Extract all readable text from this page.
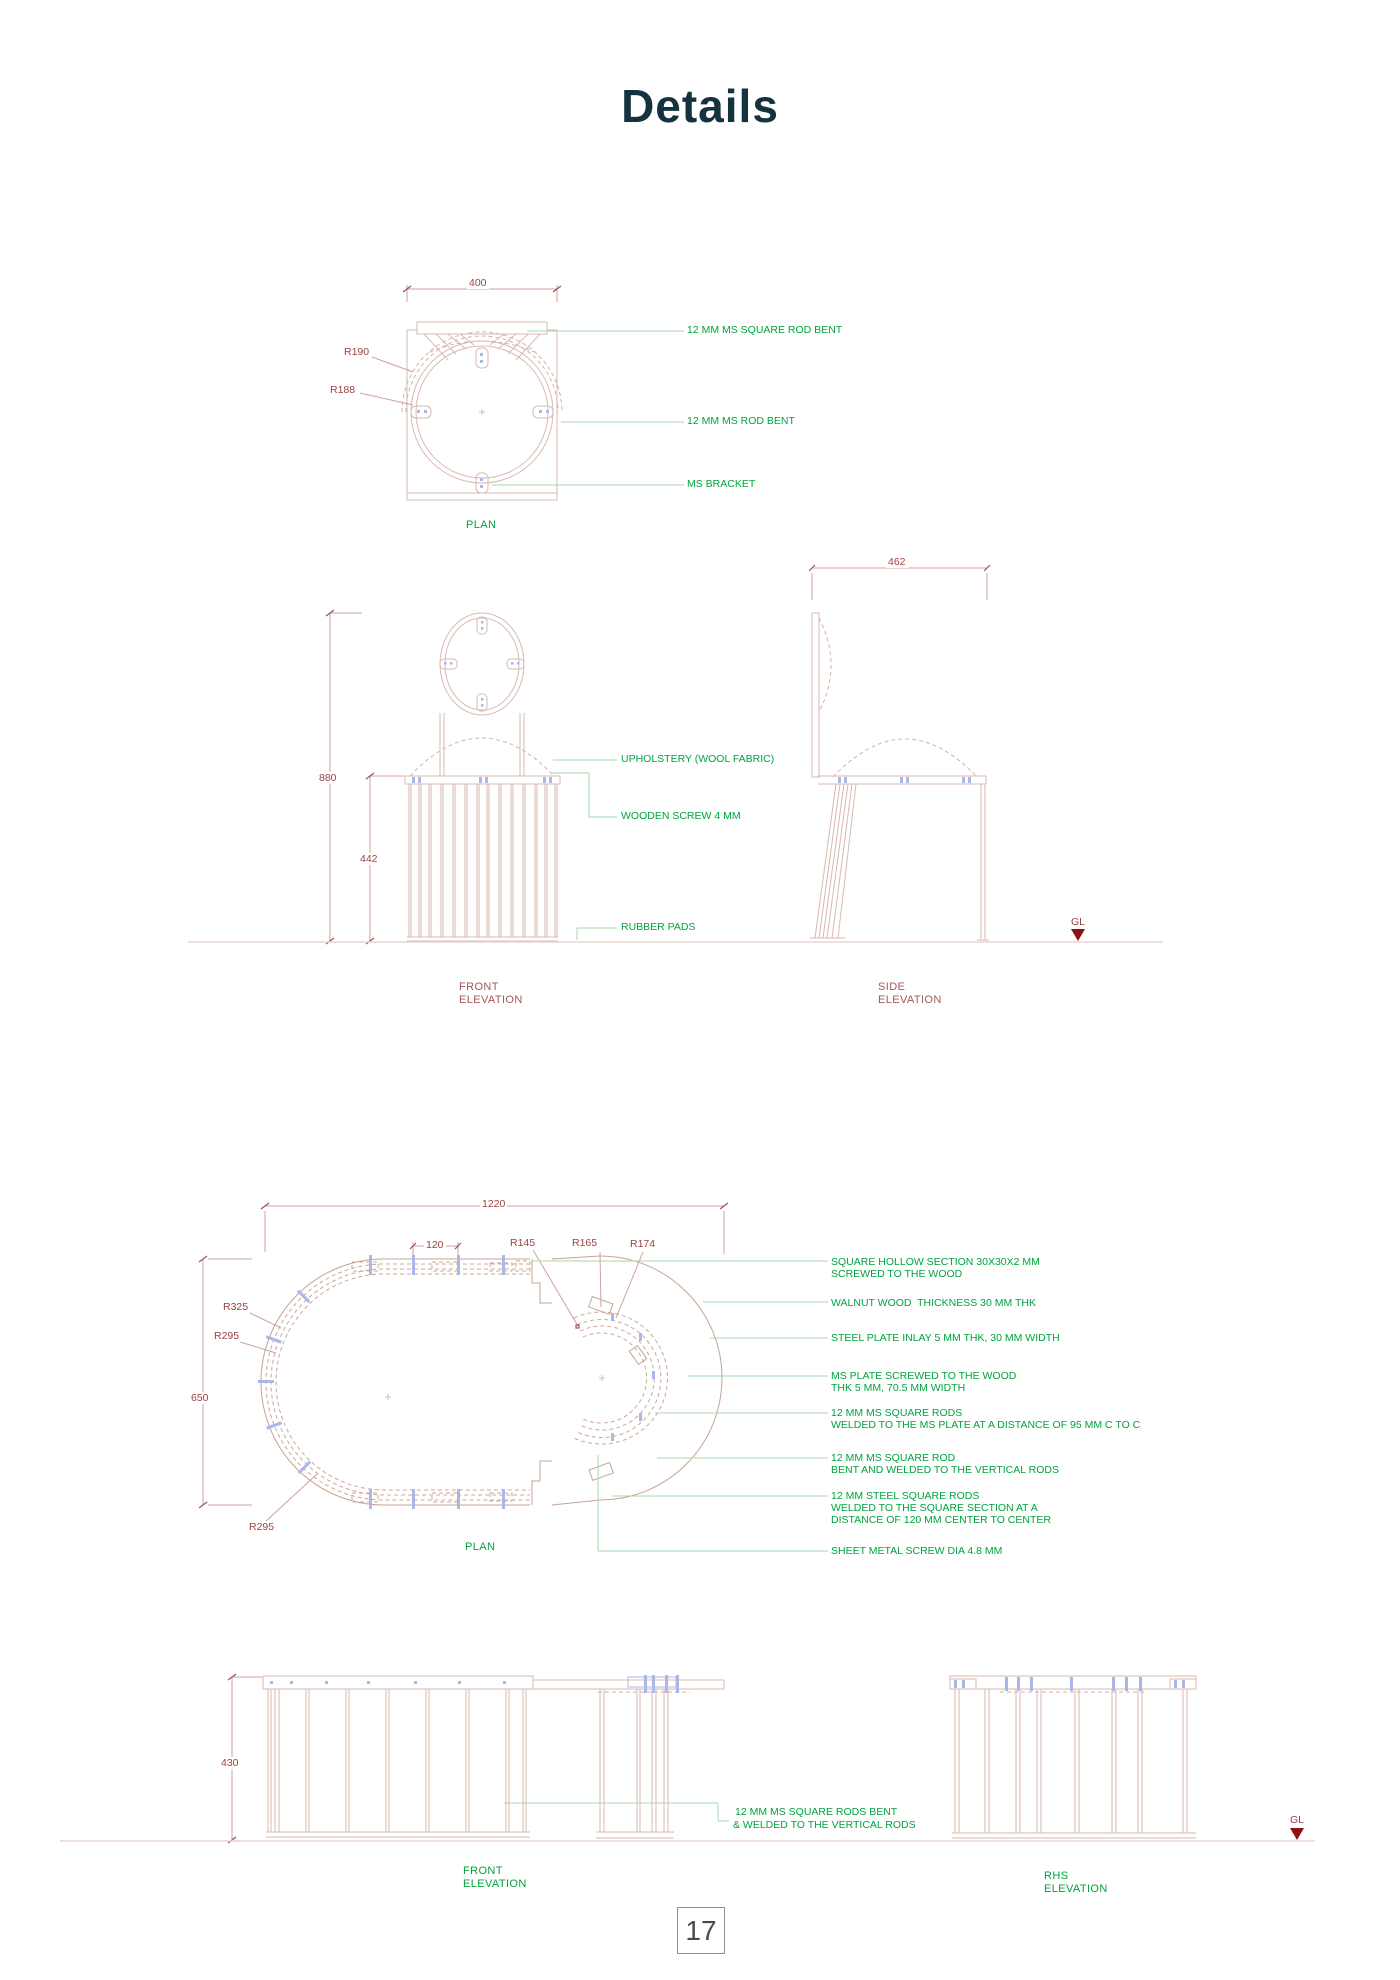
Details
400
R190
R188
12 MM MS SQUARE ROD BENT
12 MM MS ROD BENT
MS BRACKET
PLAN
880
442
UPHOLSTERY (WOOL FABRIC)
WOODEN SCREW 4 MM
RUBBER PADS
FRONT
ELEVATION
462
SIDE
ELEVATION
GL
1220
650
120	R145	R165	R174
R325
R295
R295
PLAN
SQUARE HOLLOW SECTION 30X30X2 MM
SCREWED TO THE WOOD
WALNUT WOOD  THICKNESS 30 MM THK
STEEL PLATE INLAY 5 MM THK, 30 MM WIDTH
MS PLATE SCREWED TO THE WOOD
THK 5 MM, 70.5 MM WIDTH
12 MM MS SQUARE RODS
WELDED TO THE MS PLATE AT A DISTANCE OF 95 MM C TO C
12 MM MS SQUARE ROD
BENT AND WELDED TO THE VERTICAL RODS
12 MM STEEL SQUARE RODS
WELDED TO THE SQUARE SECTION AT A
DISTANCE OF 120 MM CENTER TO CENTER
SHEET METAL SCREW DIA 4.8 MM
430
12 MM MS SQUARE RODS BENT
& WELDED TO THE VERTICAL RODS
FRONT
ELEVATION
RHS
ELEVATION
GL
17
